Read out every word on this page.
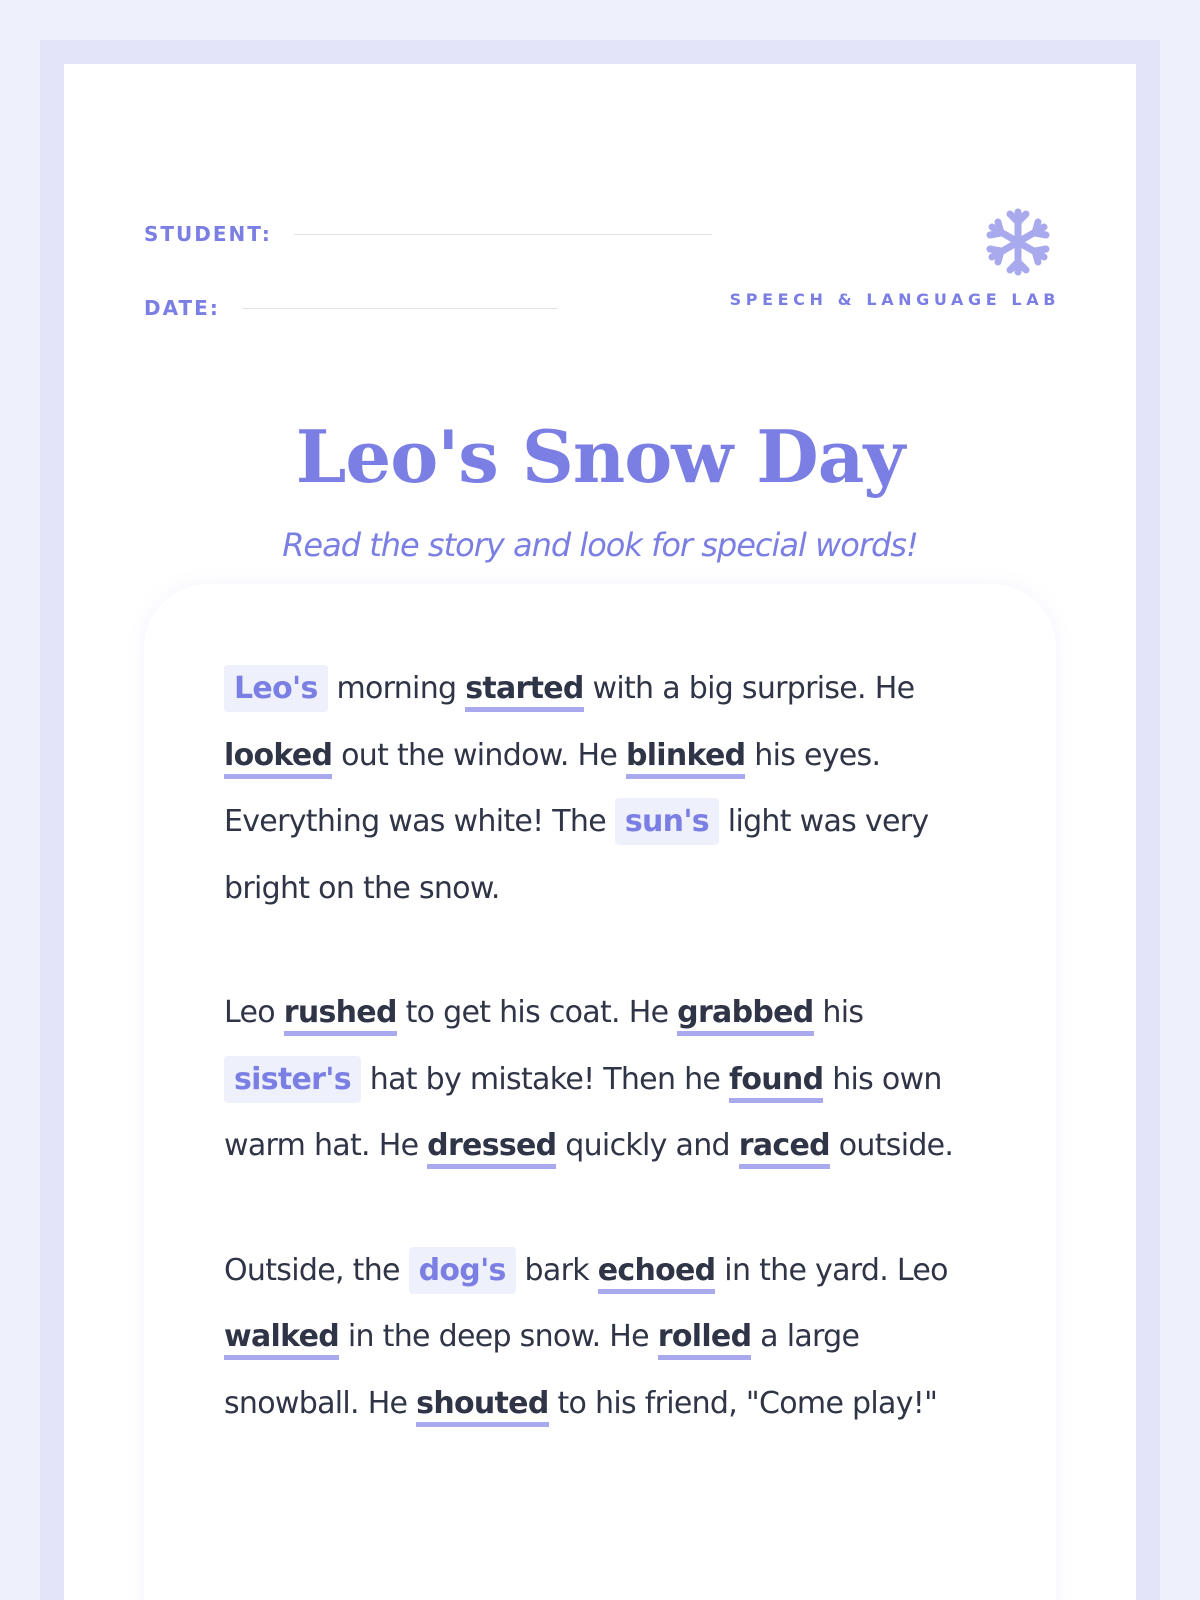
STUDENT:
DATE:	SPEECH & LANGUAGE LAB
Leo's Snow Day
Read the story and look for special words!

Leo's morning started with a big surprise. He looked out the window. He blinked his eyes. Everything was white! The sun's light was very bright on the snow.

Leo rushed to get his coat. He grabbed his sister's hat by mistake! Then he found his own warm hat. He dressed quickly and raced outside.

Outside, the dog's bark echoed in the yard. Leo walked in the deep snow. He rolled a large snowball. He shouted to his friend, "Come play!"
